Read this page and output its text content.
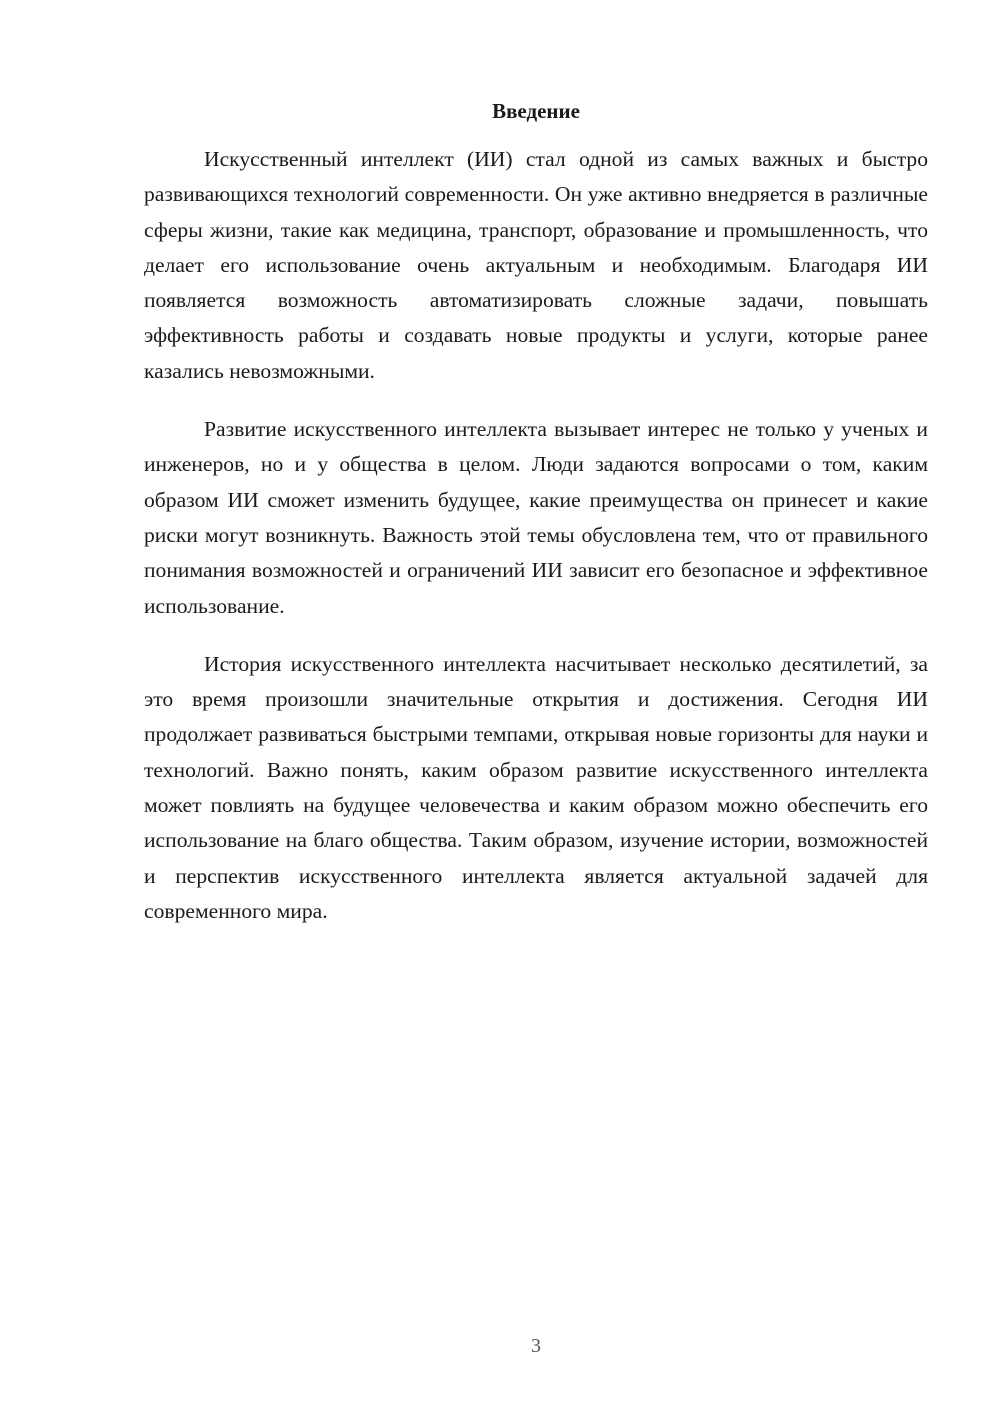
Введение

Искусственный интеллект (ИИ) стал одной из самых важных и быстро развивающихся технологий современности. Он уже активно внедряется в различные сферы жизни, такие как медицина, транспорт, образование и промышленность, что делает его использование очень актуальным и необходимым. Благодаря ИИ появляется возможность автоматизировать сложные задачи, повышать эффективность работы и создавать новые продукты и услуги, которые ранее казались невозможными.

Развитие искусственного интеллекта вызывает интерес не только у ученых и инженеров, но и у общества в целом. Люди задаются вопросами о том, каким образом ИИ сможет изменить будущее, какие преимущества он принесет и какие риски могут возникнуть. Важность этой темы обусловлена тем, что от правильного понимания возможностей и ограничений ИИ зависит его безопасное и эффективное использование.

История искусственного интеллекта насчитывает несколько десятилетий, за это время произошли значительные открытия и достижения. Сегодня ИИ продолжает развиваться быстрыми темпами, открывая новые горизонты для науки и технологий. Важно понять, каким образом развитие искусственного интеллекта может повлиять на будущее человечества и каким образом можно обеспечить его использование на благо общества. Таким образом, изучение истории, возможностей и перспектив искусственного интеллекта является актуальной задачей для современного мира.

3
